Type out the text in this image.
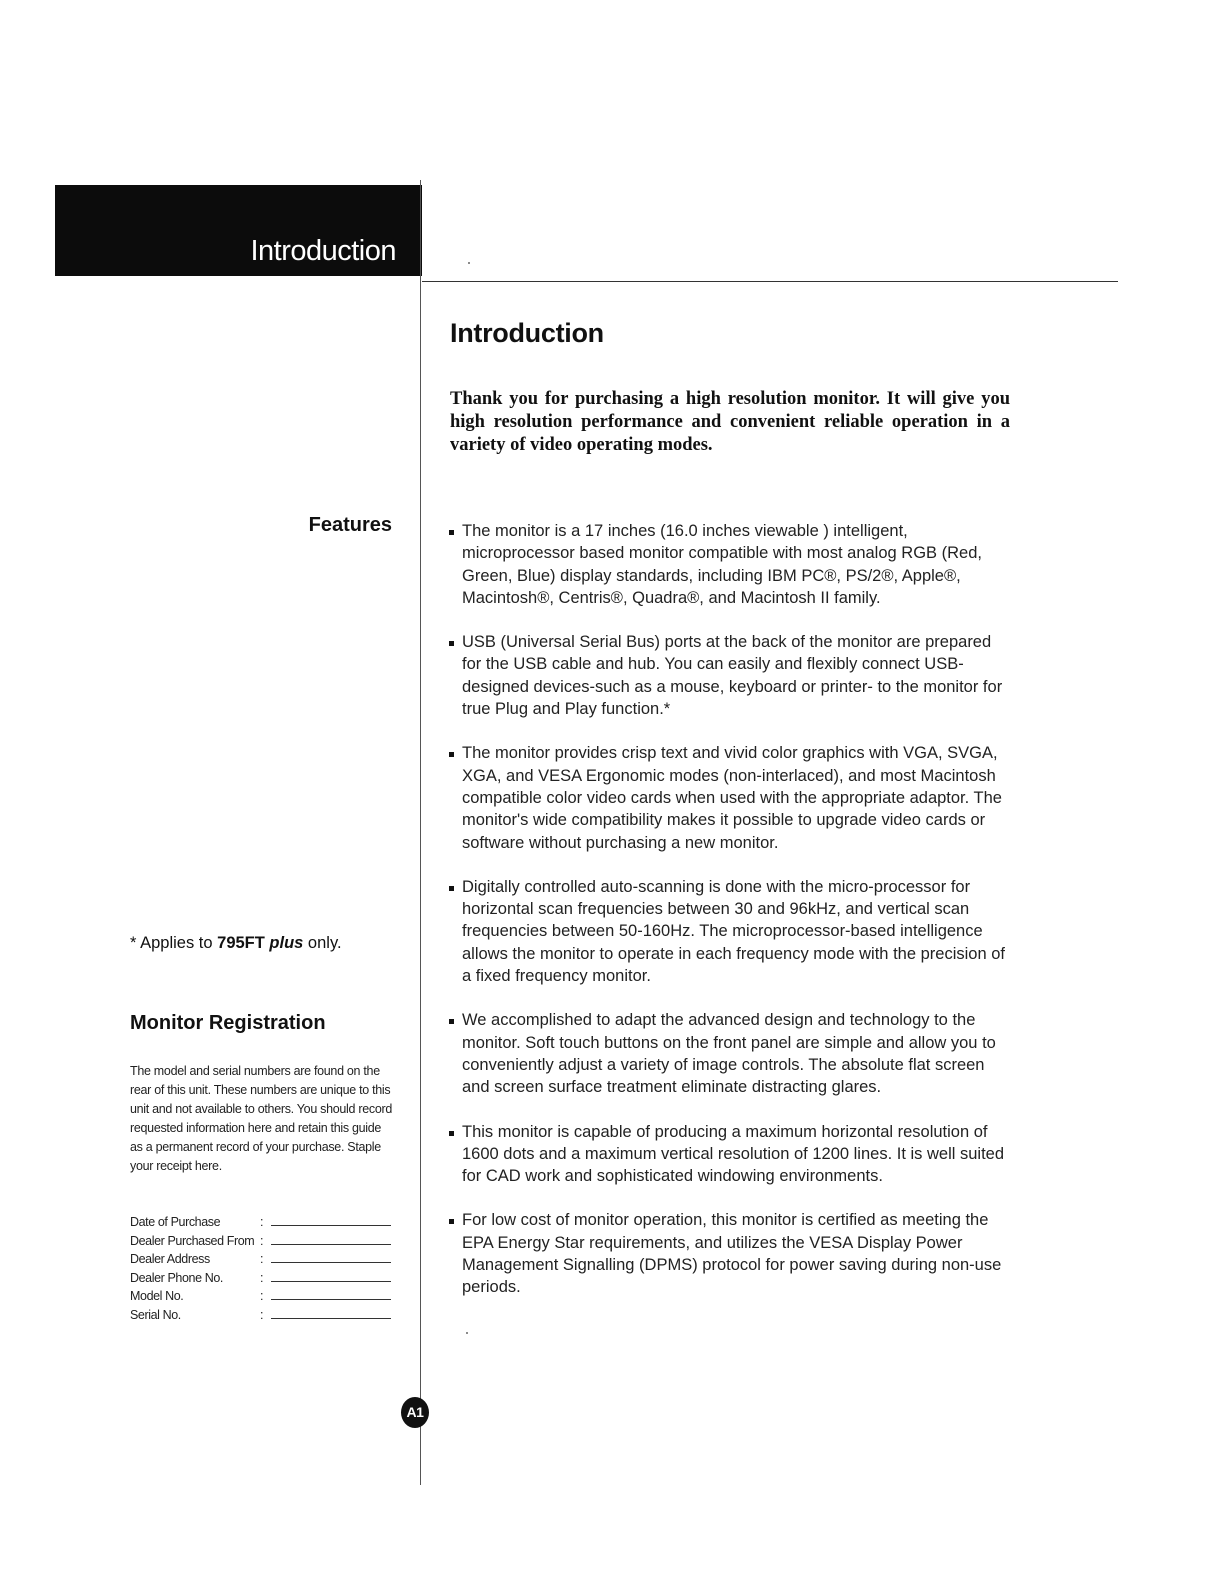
Introduction
Introduction

Thank you for purchasing a high resolution monitor. It will give you high resolution performance and convenient reliable operation in a variety of video operating modes.

Features	The monitor is a 17 inches (16.0 inches viewable ) intelligent, microprocessor based monitor compatible with most analog RGB (Red, Green, Blue) display standards, including IBM PC®, PS/2®, Apple®, Macintosh®, Centris®, Quadra®, and Macintosh II family.
USB (Universal Serial Bus) ports at the back of the monitor are prepared for the USB cable and hub. You can easily and flexibly connect USB-designed devices-such as a mouse, keyboard or printer- to the monitor for true Plug and Play function.*
The monitor provides crisp text and vivid color graphics with VGA, SVGA, XGA, and VESA Ergonomic modes (non-interlaced), and most Macintosh compatible color video cards when used with the appropriate adaptor. The monitor's wide compatibility makes it possible to upgrade video cards or software without purchasing a new monitor.
Digitally controlled auto-scanning is done with the micro-processor for horizontal scan frequencies between 30 and 96kHz, and vertical scan frequencies between 50-160Hz. The microprocessor-based intelligence allows the monitor to operate in each frequency mode with the precision of a fixed frequency monitor.
We accomplished to adapt the advanced design and technology to the monitor. Soft touch buttons on the front panel are simple and allow you to conveniently adjust a variety of image controls. The absolute flat screen and screen surface treatment eliminate distracting glares.
This monitor is capable of producing a maximum horizontal resolution of 1600 dots and a maximum vertical resolution of 1200 lines. It is well suited for CAD work and sophisticated windowing environments.
For low cost of monitor operation, this monitor is certified as meeting the EPA Energy Star requirements, and utilizes the VESA Display Power Management Signalling (DPMS) protocol for power saving during non-use periods.
* Applies to 795FT plus only.
Monitor Registration

The model and serial numbers are found on the rear of this unit. These numbers are unique to this unit and not available to others. You should record requested information here and retain this guide as a permanent record of your purchase. Staple your receipt here.

Date of Purchase	:
Dealer Purchased From :
Dealer Address	:
Dealer Phone No.	:
Model No.	:
Serial No.	:
A1
